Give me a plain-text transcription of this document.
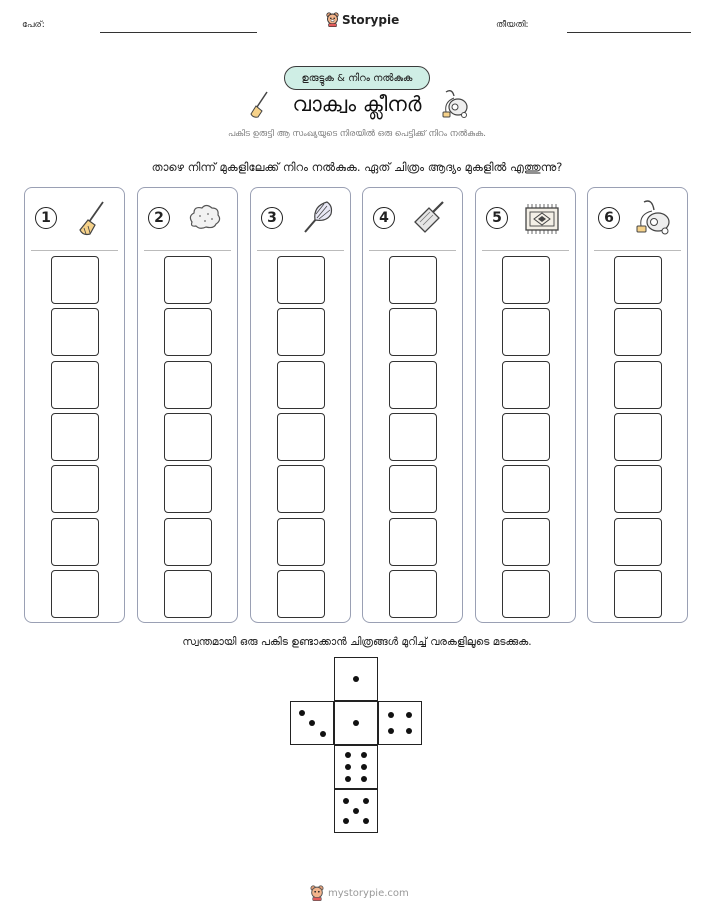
പേര്:	Storypie	തീയതി:
ഉരുട്ടുക & നിറം നൽകുക
വാക്വം ക്ലീനർ
പകിട ഉരുട്ടി ആ സംഖ്യയുടെ നിരയിൽ ഒരു പെട്ടിക്ക് നിറം നൽകുക.
താഴെ നിന്ന് മുകളിലേക്ക് നിറം നൽകുക. ഏത് ചിത്രം ആദ്യം മുകളിൽ എത്തുന്നു?
1	2	3	4	5	6
സ്വന്തമായി ഒരു പകിട ഉണ്ടാക്കാൻ ചിത്രങ്ങൾ മുറിച്ച് വരകളിലൂടെ മടക്കുക.
mystorypie.com
